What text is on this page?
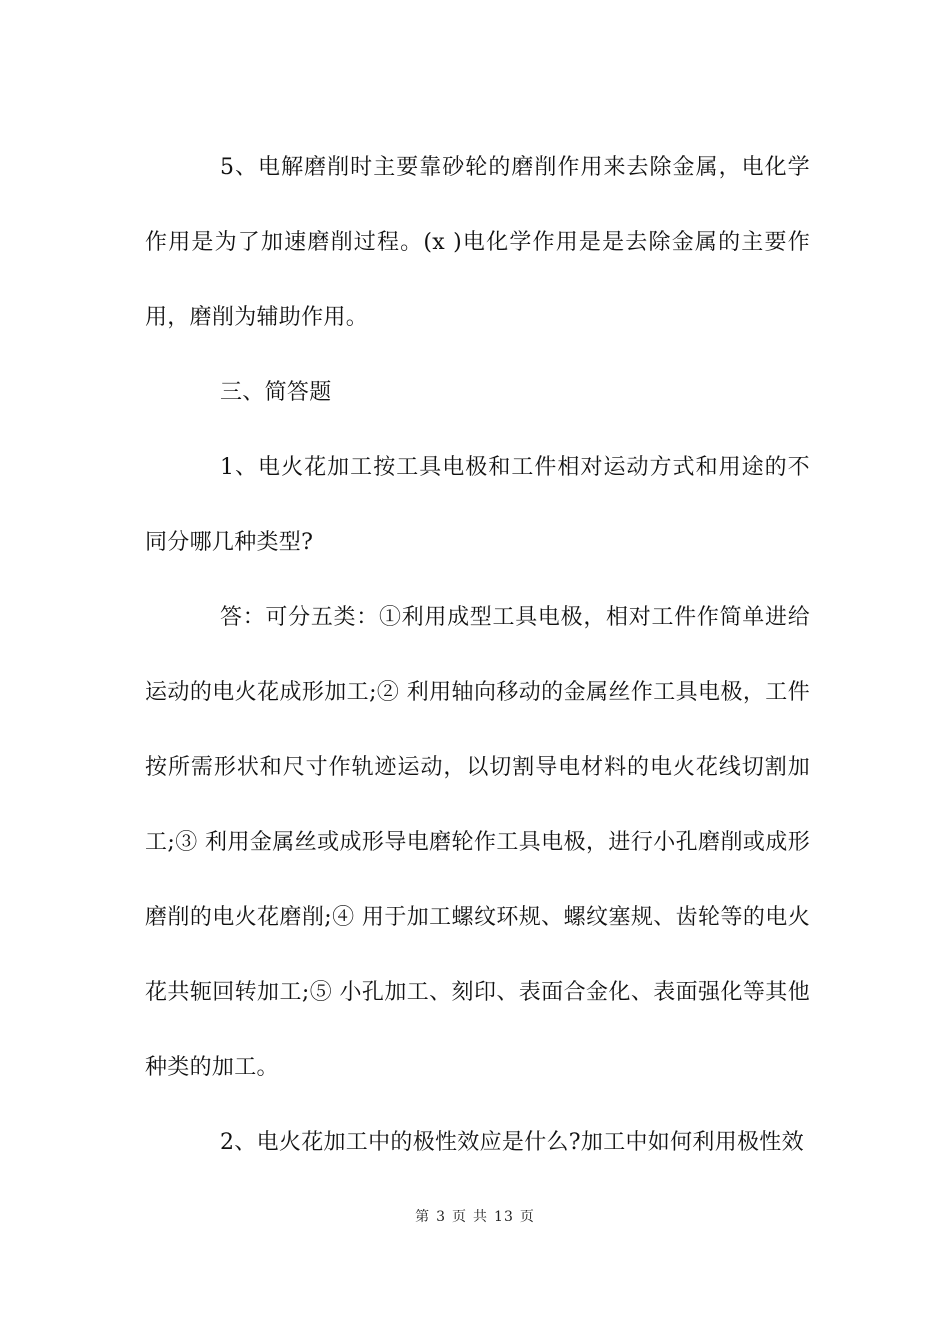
5、电解磨削时主要靠砂轮的磨削作用来去除金属，电化学作用是为了加速磨削过程。(x )电化学作用是是去除金属的主要作用，磨削为辅助作用。

三、简答题

1、电火花加工按工具电极和工件相对运动方式和用途的不同分哪几种类型?

答：可分五类：①利用成型工具电极，相对工件作简单进给运动的电火花成形加工;② 利用轴向移动的金属丝作工具电极，工件按所需形状和尺寸作轨迹运动，以切割导电材料的电火花线切割加工;③ 利用金属丝或成形导电磨轮作工具电极，进行小孔磨削或成形磨削的电火花磨削;④ 用于加工螺纹环规、螺纹塞规、齿轮等的电火花共轭回转加工;⑤ 小孔加工、刻印、表面合金化、表面强化等其他种类的加工。

2、电火花加工中的极性效应是什么?加工中如何利用极性效

第 3 页 共 13 页
